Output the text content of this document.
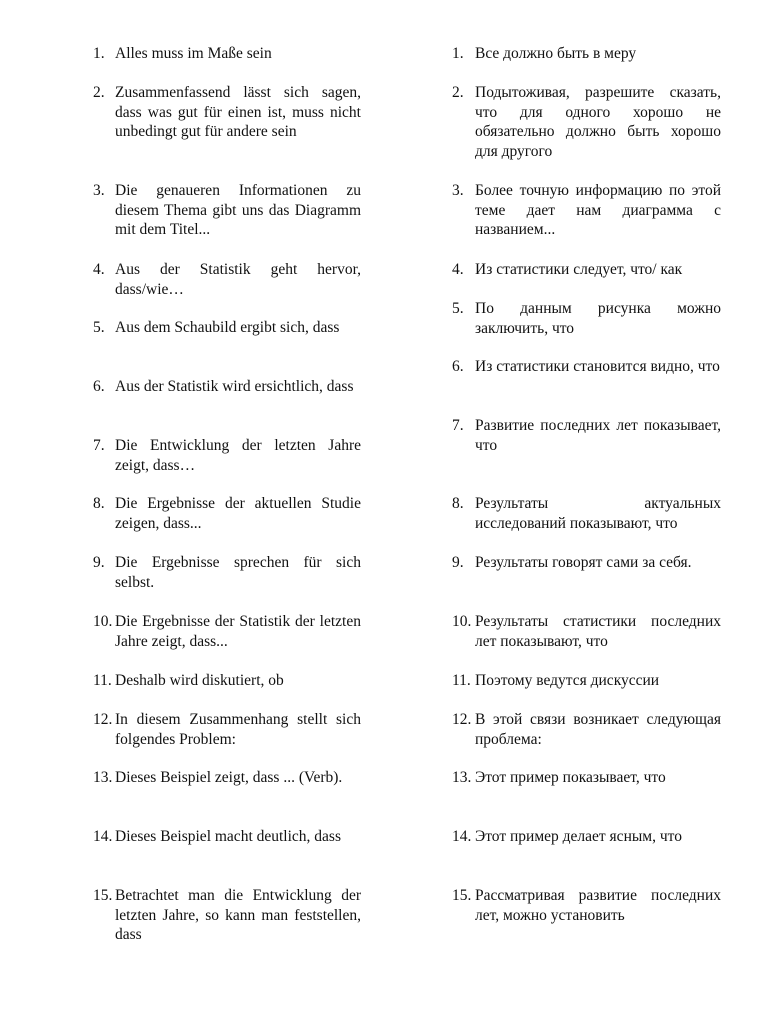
1. Alles muss im Maße sein
2. Zusammenfassend lässt sich sagen, dass was gut für einen ist, muss nicht unbedingt gut für andere sein
3. Die genaueren Informationen zu diesem Thema gibt uns das Diagramm mit dem Titel...
4. Aus der Statistik geht hervor, dass/wie…
5. Aus dem Schaubild ergibt sich, dass
6. Aus der Statistik wird ersichtlich, dass
7. Die Entwicklung der letzten Jahre zeigt, dass…
8. Die Ergebnisse der aktuellen Studie zeigen, dass...
9. Die Ergebnisse sprechen für sich selbst.
10. Die Ergebnisse der Statistik der letzten Jahre zeigt, dass...
11. Deshalb wird diskutiert, ob
12. In diesem Zusammenhang stellt sich folgendes Problem:
13. Dieses Beispiel zeigt, dass ... (Verb).
14. Dieses Beispiel macht deutlich, dass
15. Betrachtet man die Entwicklung der letzten Jahre, so kann man feststellen, dass
1. Все должно быть в меру
2. Подытоживая, разрешите сказать, что для одного хорошо не обязательно должно быть хорошо для другого
3. Более точную информацию по этой теме дает нам диаграмма с названием...
4. Из статистики следует, что/ как
5. По данным рисунка можно заключить, что
6. Из статистики становится видно, что
7. Развитие последних лет показывает, что
8. Результаты актуальных исследований показывают, что
9. Результаты говорят сами за себя.
10. Результаты статистики последних лет показывают, что
11. Поэтому ведутся дискуссии
12. В этой связи возникает следующая проблема:
13. Этот пример показывает, что
14. Этот пример делает ясным, что
15. Рассматривая развитие последних лет, можно установить
